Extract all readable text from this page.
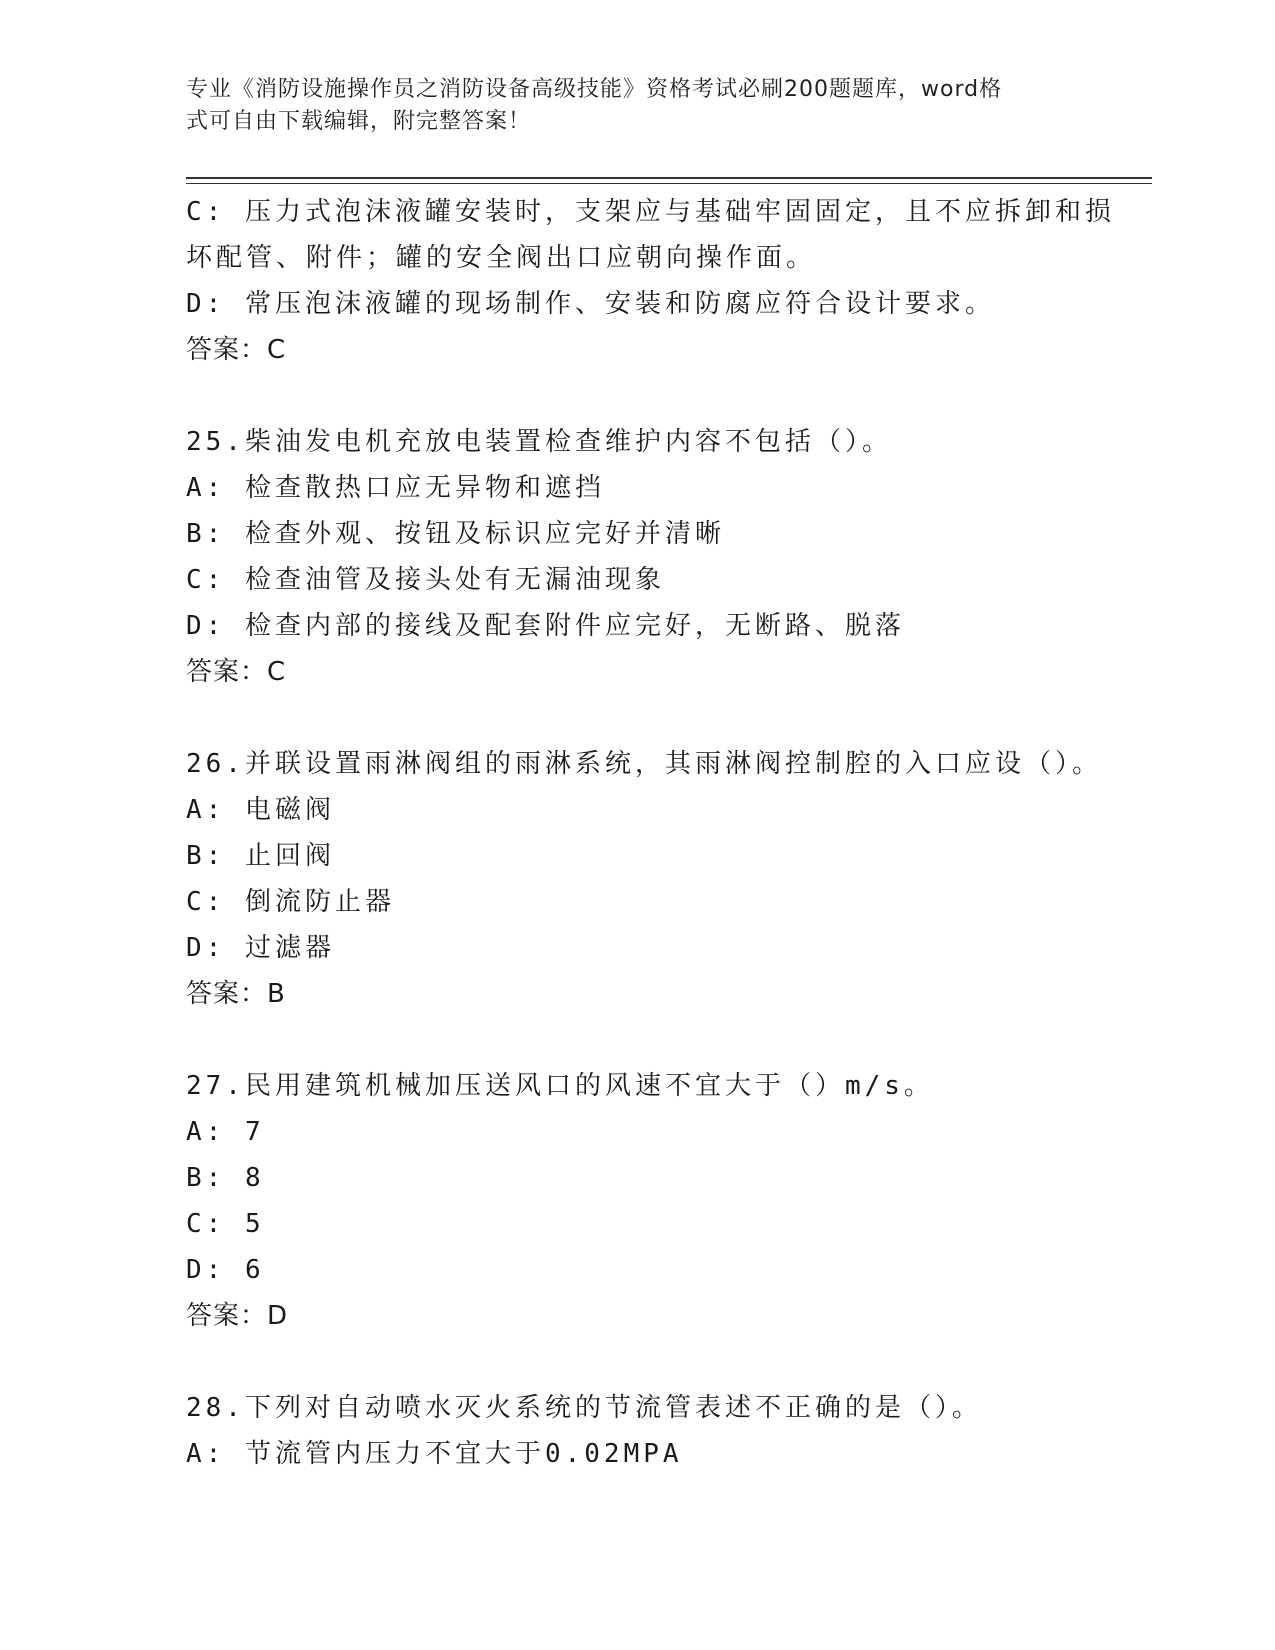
专业《消防设施操作员之消防设备高级技能》资格考试必刷200题题库，word格
式可自由下载编辑，附完整答案！
C: 压力式泡沫液罐安装时，支架应与基础牢固固定，且不应拆卸和损
坏配管、附件；罐的安全阀出口应朝向操作面。
D: 常压泡沫液罐的现场制作、安装和防腐应符合设计要求。
答案：C
25.柴油发电机充放电装置检查维护内容不包括（）。
A: 检查散热口应无异物和遮挡
B: 检查外观、按钮及标识应完好并清晰
C: 检查油管及接头处有无漏油现象
D: 检查内部的接线及配套附件应完好，无断路、脱落
答案：C
26.并联设置雨淋阀组的雨淋系统，其雨淋阀控制腔的入口应设（）。
A: 电磁阀
B: 止回阀
C: 倒流防止器
D: 过滤器
答案：B
27.民用建筑机械加压送风口的风速不宜大于（）m/s。
A: 7
B: 8
C: 5
D: 6
答案：D
28.下列对自动喷水灭火系统的节流管表述不正确的是（）。
A: 节流管内压力不宜大于0.02MPA
